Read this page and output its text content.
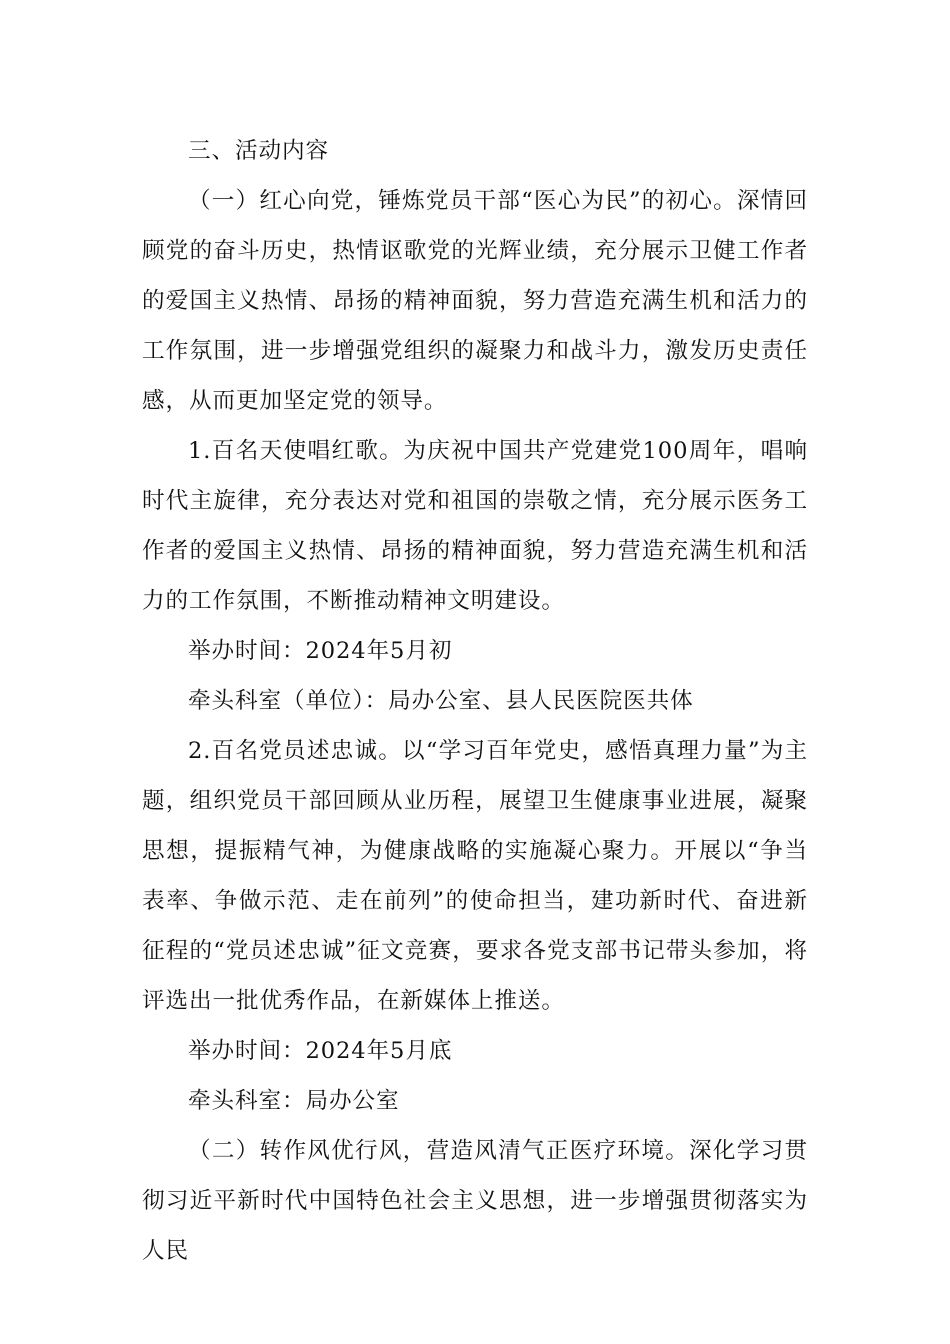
三、活动内容

（一）红心向党，锤炼党员干部“医心为民”的初心。深情回顾党的奋斗历史，热情讴歌党的光辉业绩，充分展示卫健工作者的爱国主义热情、昂扬的精神面貌，努力营造充满生机和活力的工作氛围，进一步增强党组织的凝聚力和战斗力，激发历史责任感，从而更加坚定党的领导。

1.百名天使唱红歌。为庆祝中国共产党建党100周年，唱响时代主旋律，充分表达对党和祖国的崇敬之情，充分展示医务工作者的爱国主义热情、昂扬的精神面貌，努力营造充满生机和活力的工作氛围，不断推动精神文明建设。

举办时间：2024年5月初

牵头科室（单位）：局办公室、县人民医院医共体

2.百名党员述忠诚。以“学习百年党史，感悟真理力量”为主题，组织党员干部回顾从业历程，展望卫生健康事业进展，凝聚思想，提振精气神，为健康战略的实施凝心聚力。开展以“争当表率、争做示范、走在前列”的使命担当，建功新时代、奋进新征程的“党员述忠诚”征文竞赛，要求各党支部书记带头参加，将评选出一批优秀作品，在新媒体上推送。

举办时间：2024年5月底

牵头科室：局办公室

（二）转作风优行风，营造风清气正医疗环境。深化学习贯彻习近平新时代中国特色社会主义思想，进一步增强贯彻落实为人民
